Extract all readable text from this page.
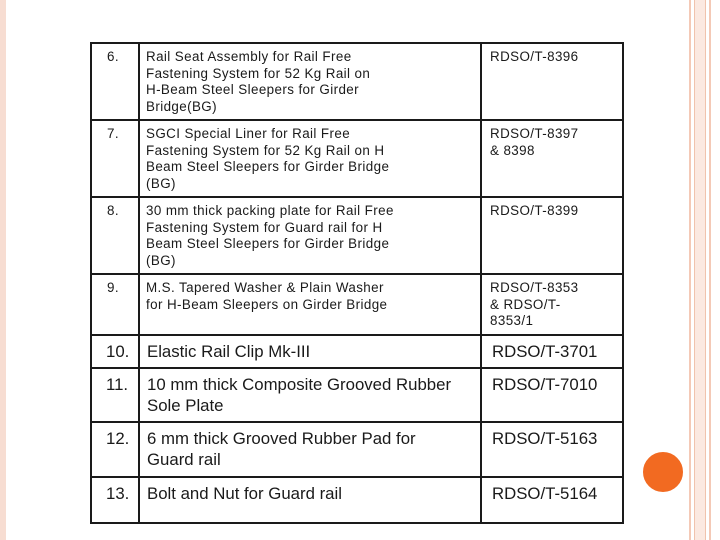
6.	Rail Seat Assembly for Rail Free
Fastening System for 52 Kg Rail on
H-Beam Steel Sleepers for Girder
Bridge(BG)	RDSO/T-8396

7.	SGCI Special Liner for Rail Free
Fastening System for 52 Kg Rail on H
Beam Steel Sleepers for Girder Bridge
(BG)	RDSO/T-8397
& 8398

8.	30 mm thick packing plate for Rail Free
Fastening System for Guard rail for H
Beam Steel Sleepers for Girder Bridge
(BG)	RDSO/T-8399

9.	M.S. Tapered Washer & Plain Washer
for H-Beam Sleepers on Girder Bridge	RDSO/T-8353
& RDSO/T-
8353/1

10.	Elastic Rail Clip Mk-III	RDSO/T-3701

11.	10 mm thick Composite Grooved Rubber
Sole Plate	RDSO/T-7010

12.	6 mm thick Grooved Rubber Pad for
Guard rail	RDSO/T-5163

13.	Bolt and Nut for Guard rail	RDSO/T-5164
